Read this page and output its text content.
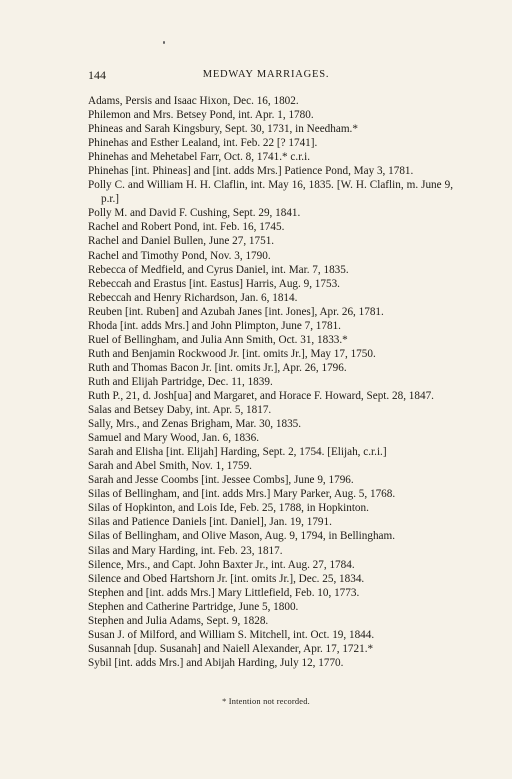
144	MEDWAY MARRIAGES.
Adams, Persis and Isaac Hixon, Dec. 16, 1802.
Philemon and Mrs. Betsey Pond, int. Apr. 1, 1780.
Phineas and Sarah Kingsbury, Sept. 30, 1731, in Needham.*
Phinehas and Esther Lealand, int. Feb. 22 [? 1741].
Phinehas and Mehetabel Farr, Oct. 8, 1741.* c.r.i.
Phinehas [int. Phineas] and [int. adds Mrs.] Patience Pond, May 3, 1781.
Polly C. and William H. H. Claflin, int. May 16, 1835. [W. H. Claflin, m. June 9, p.r.]
Polly M. and David F. Cushing, Sept. 29, 1841.
Rachel and Robert Pond, int. Feb. 16, 1745.
Rachel and Daniel Bullen, June 27, 1751.
Rachel and Timothy Pond, Nov. 3, 1790.
Rebecca of Medfield, and Cyrus Daniel, int. Mar. 7, 1835.
Rebeccah and Erastus [int. Eastus] Harris, Aug. 9, 1753.
Rebeccah and Henry Richardson, Jan. 6, 1814.
Reuben [int. Ruben] and Azubah Janes [int. Jones], Apr. 26, 1781.
Rhoda [int. adds Mrs.] and John Plimpton, June 7, 1781.
Ruel of Bellingham, and Julia Ann Smith, Oct. 31, 1833.*
Ruth and Benjamin Rockwood Jr. [int. omits Jr.], May 17, 1750.
Ruth and Thomas Bacon Jr. [int. omits Jr.], Apr. 26, 1796.
Ruth and Elijah Partridge, Dec. 11, 1839.
Ruth P., 21, d. Josh[ua] and Margaret, and Horace F. Howard, Sept. 28, 1847.
Salas and Betsey Daby, int. Apr. 5, 1817.
Sally, Mrs., and Zenas Brigham, Mar. 30, 1835.
Samuel and Mary Wood, Jan. 6, 1836.
Sarah and Elisha [int. Elijah] Harding, Sept. 2, 1754. [Elijah, c.r.i.]
Sarah and Abel Smith, Nov. 1, 1759.
Sarah and Jesse Coombs [int. Jessee Combs], June 9, 1796.
Silas of Bellingham, and [int. adds Mrs.] Mary Parker, Aug. 5, 1768.
Silas of Hopkinton, and Lois Ide, Feb. 25, 1788, in Hopkinton.
Silas and Patience Daniels [int. Daniel], Jan. 19, 1791.
Silas of Bellingham, and Olive Mason, Aug. 9, 1794, in Bellingham.
Silas and Mary Harding, int. Feb. 23, 1817.
Silence, Mrs., and Capt. John Baxter Jr., int. Aug. 27, 1784.
Silence and Obed Hartshorn Jr. [int. omits Jr.], Dec. 25, 1834.
Stephen and [int. adds Mrs.] Mary Littlefield, Feb. 10, 1773.
Stephen and Catherine Partridge, June 5, 1800.
Stephen and Julia Adams, Sept. 9, 1828.
Susan J. of Milford, and William S. Mitchell, int. Oct. 19, 1844.
Susannah [dup. Susanah] and Naiell Alexander, Apr. 17, 1721.*
Sybil [int. adds Mrs.] and Abijah Harding, July 12, 1770.
* Intention not recorded.
